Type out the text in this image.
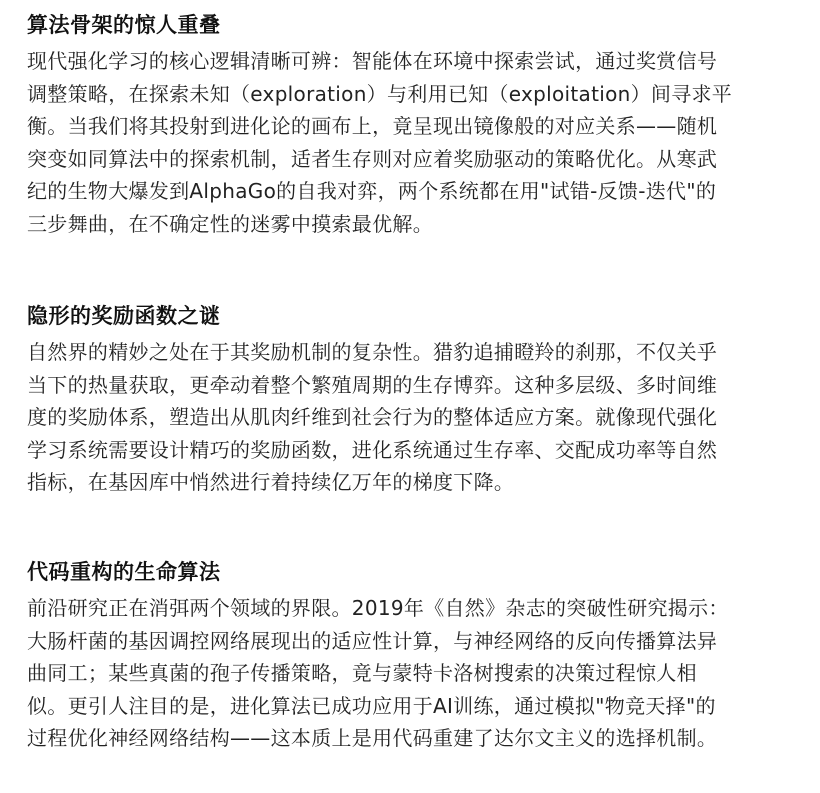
算法骨架的惊人重叠
现代强化学习的核心逻辑清晰可辨：智能体在环境中探索尝试，通过奖赏信号
调整策略，在探索未知（exploration）与利用已知（exploitation）间寻求平
衡。当我们将其投射到进化论的画布上，竟呈现出镜像般的对应关系——随机
突变如同算法中的探索机制，适者生存则对应着奖励驱动的策略优化。从寒武
纪的生物大爆发到AlphaGo的自我对弈，两个系统都在用"试错-反馈-迭代"的
三步舞曲，在不确定性的迷雾中摸索最优解。
隐形的奖励函数之谜
自然界的精妙之处在于其奖励机制的复杂性。猎豹追捕瞪羚的刹那，不仅关乎
当下的热量获取，更牵动着整个繁殖周期的生存博弈。这种多层级、多时间维
度的奖励体系，塑造出从肌肉纤维到社会行为的整体适应方案。就像现代强化
学习系统需要设计精巧的奖励函数，进化系统通过生存率、交配成功率等自然
指标，在基因库中悄然进行着持续亿万年的梯度下降。
代码重构的生命算法
前沿研究正在消弭两个领域的界限。2019年《自然》杂志的突破性研究揭示：
大肠杆菌的基因调控网络展现出的适应性计算，与神经网络的反向传播算法异
曲同工；某些真菌的孢子传播策略，竟与蒙特卡洛树搜索的决策过程惊人相
似。更引人注目的是，进化算法已成功应用于AI训练，通过模拟"物竞天择"的
过程优化神经网络结构——这本质上是用代码重建了达尔文主义的选择机制。
